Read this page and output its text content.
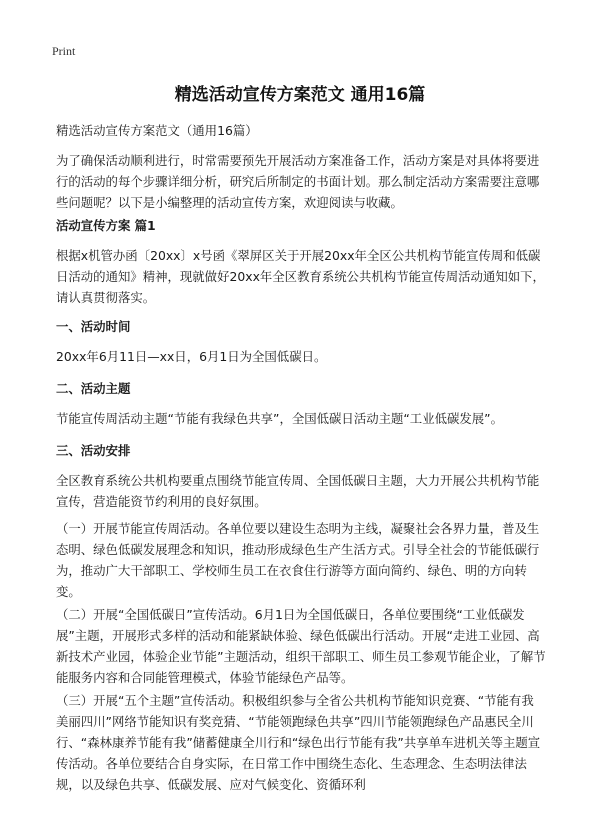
Print
精选活动宣传方案范文 通用16篇
精选活动宣传方案范文（通用16篇）
为了确保活动顺利进行，时常需要预先开展活动方案准备工作，活动方案是对具体将要进行的活动的每个步骤详细分析，研究后所制定的书面计划。那么制定活动方案需要注意哪些问题呢？以下是小编整理的活动宣传方案，欢迎阅读与收藏。
活动宣传方案 篇1
根据x机管办函〔20xx〕x号函《翠屏区关于开展20xx年全区公共机构节能宣传周和低碳日活动的通知》精神，现就做好20xx年全区教育系统公共机构节能宣传周活动通知如下，请认真贯彻落实。
一、活动时间
20xx年6月11日—xx日，6月1日为全国低碳日。
二、活动主题
节能宣传周活动主题“节能有我绿色共享”，全国低碳日活动主题“工业低碳发展”。
三、活动安排
全区教育系统公共机构要重点围绕节能宣传周、全国低碳日主题，大力开展公共机构节能宣传，营造能资节约利用的良好氛围。
（一）开展节能宣传周活动。各单位要以建设生态明为主线，凝聚社会各界力量，普及生态明、绿色低碳发展理念和知识，推动形成绿色生产生活方式。引导全社会的节能低碳行为，推动广大干部职工、学校师生员工在衣食住行游等方面向简约、绿色、明的方向转变。
（二）开展“全国低碳日”宣传活动。6月1日为全国低碳日，各单位要围绕“工业低碳发展”主题，开展形式多样的活动和能紧缺体验、绿色低碳出行活动。开展“走进工业园、高新技术产业园，体验企业节能”主题活动，组织干部职工、师生员工参观节能企业，了解节能服务内容和合同能管理模式，体验节能绿色产品等。
（三）开展“五个主题”宣传活动。积极组织参与全省公共机构节能知识竞赛、“节能有我美丽四川”网络节能知识有奖竞猜、“节能领跑绿色共享”四川节能领跑绿色产品惠民全川行、“森林康养节能有我”储蓄健康全川行和“绿色出行节能有我”共享单车进机关等主题宣传活动。各单位要结合自身实际，在日常工作中围绕生态化、生态理念、生态明法律法规，以及绿色共享、低碳发展、应对气候变化、资循环利
